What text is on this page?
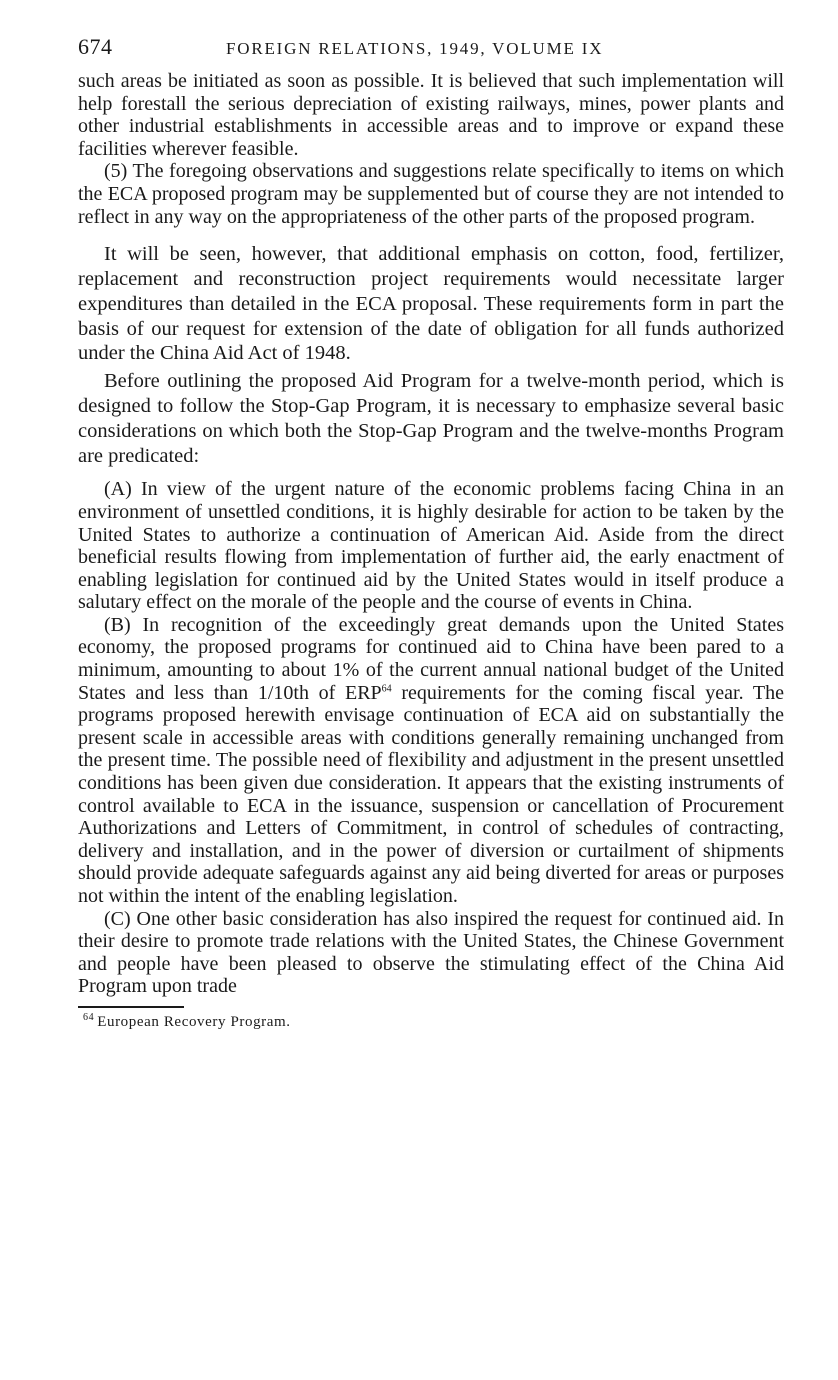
674	FOREIGN RELATIONS, 1949, VOLUME IX

such areas be initiated as soon as possible. It is believed that such implementation will help forestall the serious depreciation of existing railways, mines, power plants and other industrial establishments in accessible areas and to improve or expand these facilities wherever feasible.

(5) The foregoing observations and suggestions relate specifically to items on which the ECA proposed program may be supplemented but of course they are not intended to reflect in any way on the appropriateness of the other parts of the proposed program.

It will be seen, however, that additional emphasis on cotton, food, fertilizer, replacement and reconstruction project requirements would necessitate larger expenditures than detailed in the ECA proposal. These requirements form in part the basis of our request for extension of the date of obligation for all funds authorized under the China Aid Act of 1948.

Before outlining the proposed Aid Program for a twelve-month period, which is designed to follow the Stop-Gap Program, it is necessary to emphasize several basic considerations on which both the Stop-Gap Program and the twelve-months Program are predicated:

(A) In view of the urgent nature of the economic problems facing China in an environment of unsettled conditions, it is highly desirable for action to be taken by the United States to authorize a continuation of American Aid. Aside from the direct beneficial results flowing from implementation of further aid, the early enactment of enabling legislation for continued aid by the United States would in itself produce a salutary effect on the morale of the people and the course of events in China.

(B) In recognition of the exceedingly great demands upon the United States economy, the proposed programs for continued aid to China have been pared to a minimum, amounting to about 1% of the current annual national budget of the United States and less than 1/10th of ERP$^{64}$ requirements for the coming fiscal year. The programs proposed herewith envisage continuation of ECA aid on substantially the present scale in accessible areas with conditions generally remaining unchanged from the present time. The possible need of flexibility and adjustment in the present unsettled conditions has been given due consideration. It appears that the existing instruments of control available to ECA in the issuance, suspension or cancellation of Procurement Authorizations and Letters of Commitment, in control of schedules of contracting, delivery and installation, and in the power of diversion or curtailment of shipments should provide adequate safeguards against any aid being diverted for areas or purposes not within the intent of the enabling legislation.

(C) One other basic consideration has also inspired the request for continued aid. In their desire to promote trade relations with the United States, the Chinese Government and people have been pleased to observe the stimulating effect of the China Aid Program upon trade

$^{64}$ European Recovery Program.
